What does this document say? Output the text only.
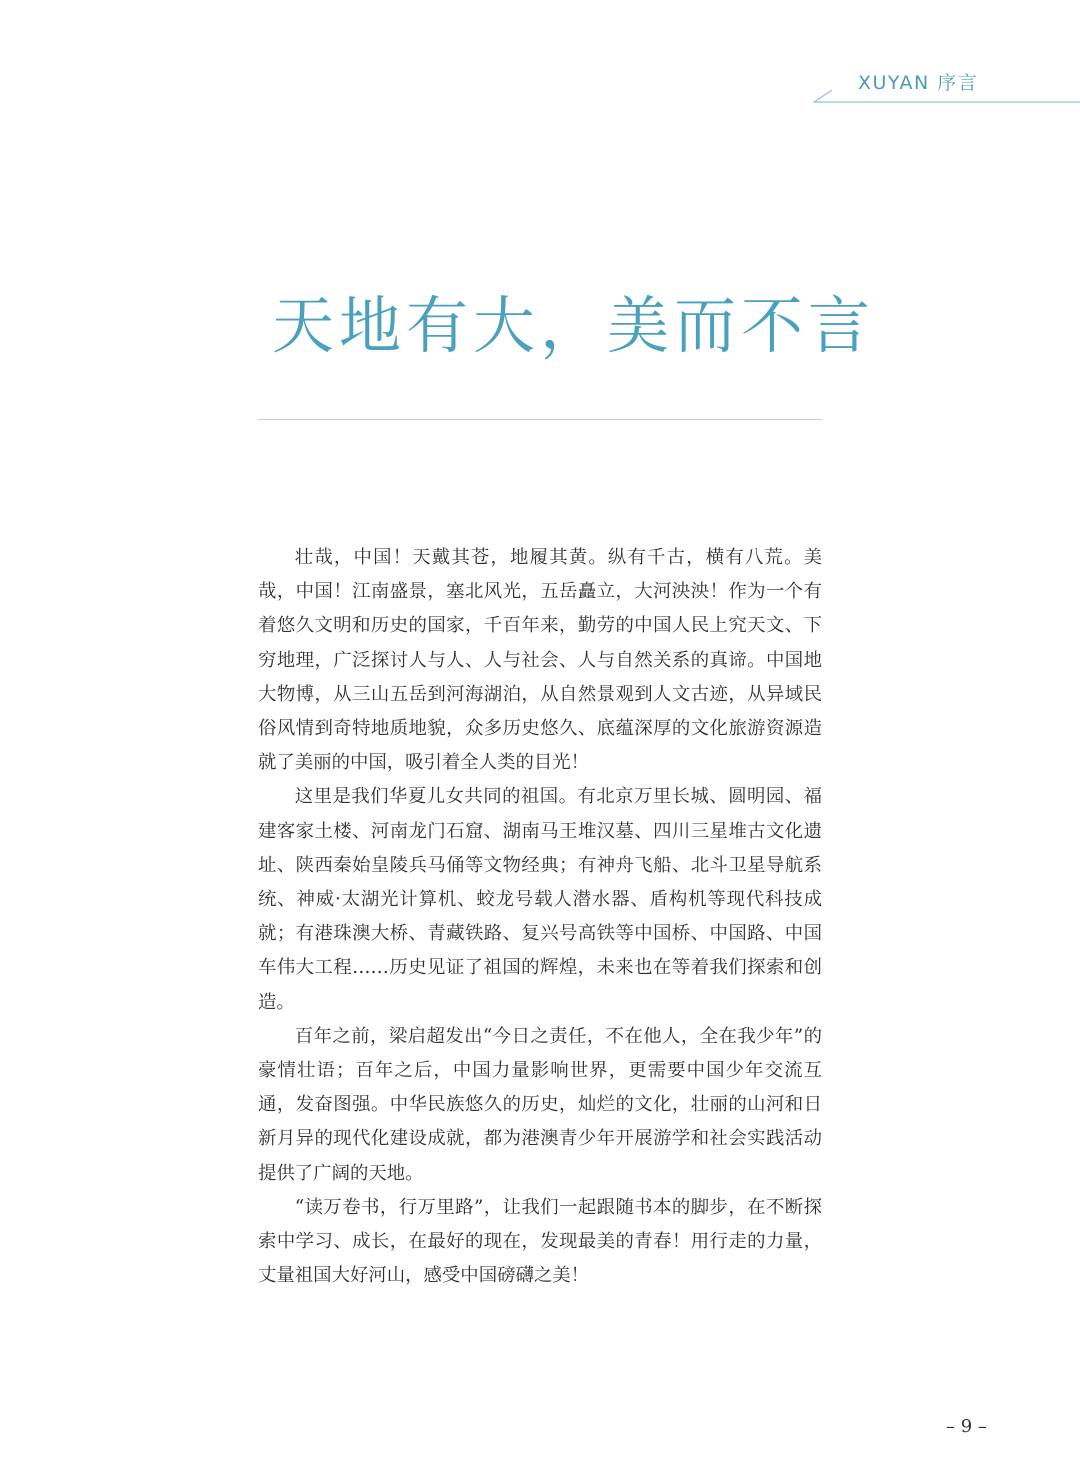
XUYAN 序言
天地有大，美而不言

壮哉，中国！天戴其苍，地履其黄。纵有千古，横有八荒。美哉，中国！江南盛景，塞北风光，五岳矗立，大河泱泱！作为一个有着悠久文明和历史的国家，千百年来，勤劳的中国人民上究天文、下穷地理，广泛探讨人与人、人与社会、人与自然关系的真谛。中国地大物博，从三山五岳到河海湖泊，从自然景观到人文古迹，从异域民俗风情到奇特地质地貌，众多历史悠久、底蕴深厚的文化旅游资源造就了美丽的中国，吸引着全人类的目光！

这里是我们华夏儿女共同的祖国。有北京万里长城、圆明园、福建客家土楼、河南龙门石窟、湖南马王堆汉墓、四川三星堆古文化遗址、陕西秦始皇陵兵马俑等文物经典；有神舟飞船、北斗卫星导航系统、神威·太湖光计算机、蛟龙号载人潜水器、盾构机等现代科技成就；有港珠澳大桥、青藏铁路、复兴号高铁等中国桥、中国路、中国车伟大工程……历史见证了祖国的辉煌，未来也在等着我们探索和创造。

百年之前，梁启超发出“今日之责任，不在他人，全在我少年”的豪情壮语；百年之后，中国力量影响世界，更需要中国少年交流互通，发奋图强。中华民族悠久的历史，灿烂的文化，壮丽的山河和日新月异的现代化建设成就，都为港澳青少年开展游学和社会实践活动提供了广阔的天地。

“读万卷书，行万里路”，让我们一起跟随书本的脚步，在不断探索中学习、成长，在最好的现在，发现最美的青春！用行走的力量，丈量祖国大好河山，感受中国磅礴之美！

– 9 –
